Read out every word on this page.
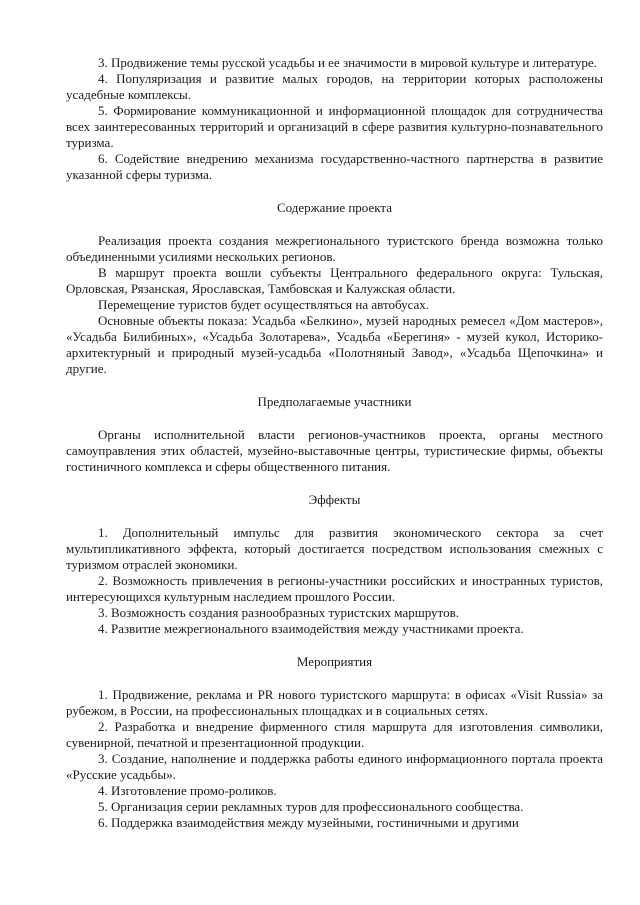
3. Продвижение темы русской усадьбы и ее значимости в мировой культуре и литературе.

4. Популяризация и развитие малых городов, на территории которых расположены усадебные комплексы.

5. Формирование коммуникационной и информационной площадок для сотрудничества всех заинтересованных территорий и организаций в сфере развития культурно-познавательного туризма.

6. Содействие внедрению механизма государственно-частного партнерства в развитие указанной сферы туризма.

Содержание проекта

Реализация проекта создания межрегионального туристского бренда возможна только объединенными усилиями нескольких регионов.

В маршрут проекта вошли субъекты Центрального федерального округа: Тульская, Орловская, Рязанская, Ярославская, Тамбовская и Калужская области.

Перемещение туристов будет осуществляться на автобусах.

Основные объекты показа: Усадьба «Белкино», музей народных ремесел «Дом мастеров», «Усадьба Билибиных», «Усадьба Золотарева», Усадьба «Берегиня» - музей кукол, Историко-архитектурный и природный музей-усадьба «Полотняный Завод», «Усадьба Щепочкина» и другие.

Предполагаемые участники

Органы исполнительной власти регионов-участников проекта, органы местного самоуправления этих областей, музейно-выставочные центры, туристические фирмы, объекты гостиничного комплекса и сферы общественного питания.

Эффекты

1. Дополнительный импульс для развития экономического сектора за счет мультипликативного эффекта, который достигается посредством использования смежных с туризмом отраслей экономики.

2. Возможность привлечения в регионы-участники российских и иностранных туристов, интересующихся культурным наследием прошлого России.

3. Возможность создания разнообразных туристских маршрутов.

4. Развитие межрегионального взаимодействия между участниками проекта.

Мероприятия

1. Продвижение, реклама и PR нового туристского маршрута: в офисах «Visit Russia» за рубежом, в России, на профессиональных площадках и в социальных сетях.

2. Разработка и внедрение фирменного стиля маршрута для изготовления символики, сувенирной, печатной и презентационной продукции.

3. Создание, наполнение и поддержка работы единого информационного портала проекта «Русские усадьбы».

4. Изготовление промо-роликов.

5. Организация серии рекламных туров для профессионального сообщества.

6. Поддержка взаимодействия между музейными, гостиничными и другими
